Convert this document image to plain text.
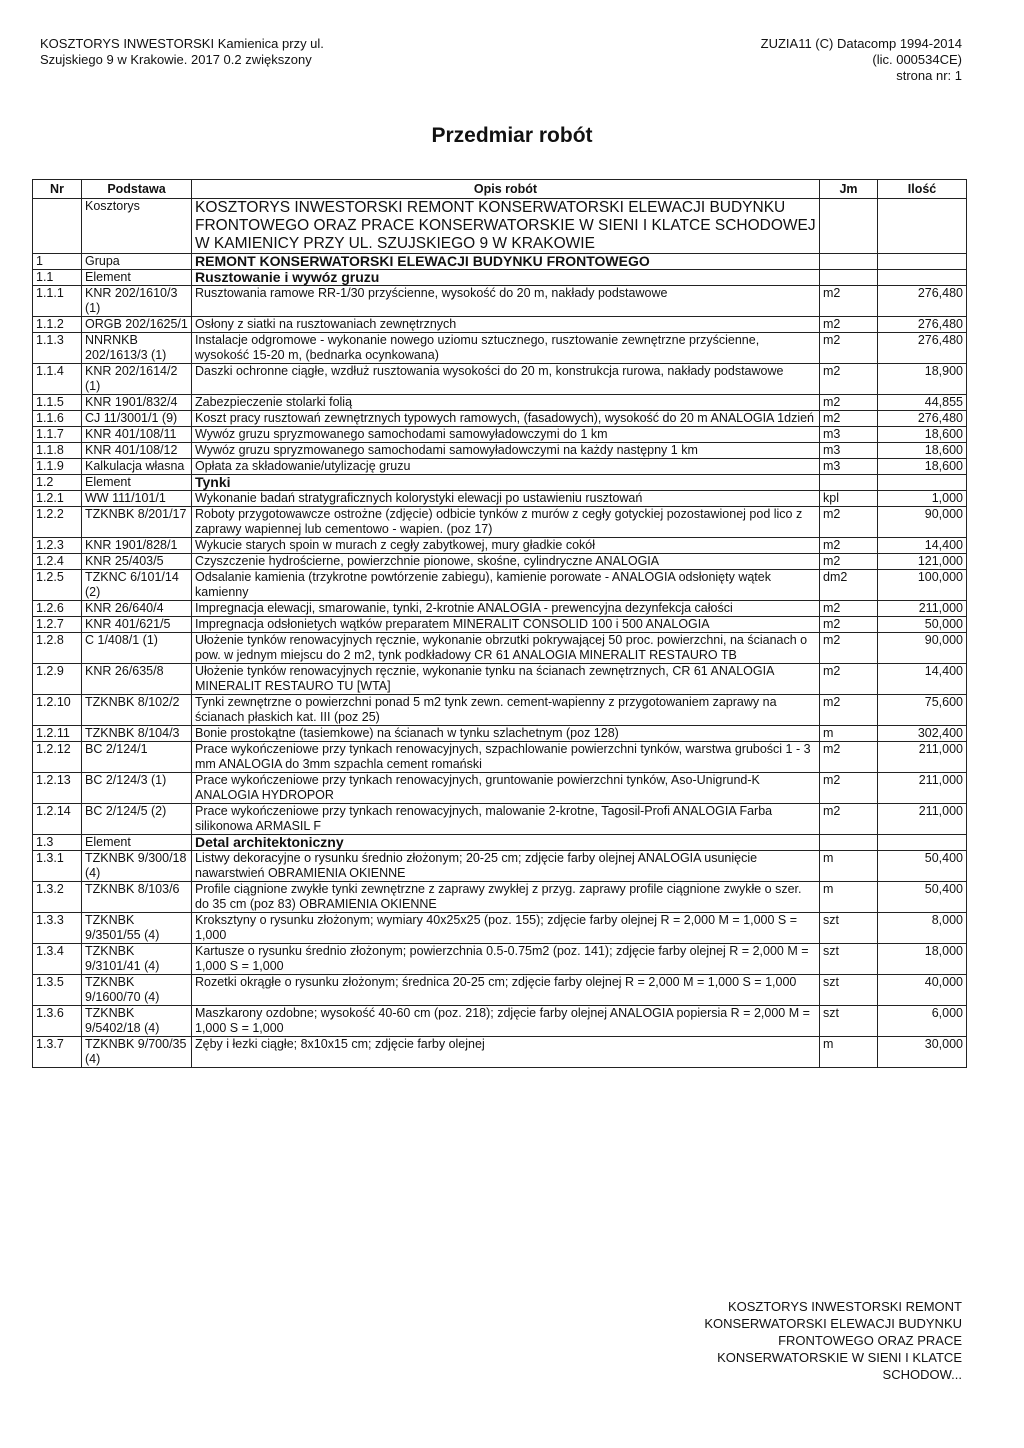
KOSZTORYS INWESTORSKI Kamienica przy ul.
Szujskiego 9 w Krakowie. 2017 0.2 zwiększony
ZUZIA11 (C) Datacomp 1994-2014
(lic. 000534CE)
strona nr: 1
Przedmiar robót
Nr	Podstawa	Opis robót	Jm	Ilość
	Kosztorys	KOSZTORYS INWESTORSKI REMONT KONSERWATORSKI ELEWACJI BUDYNKU FRONTOWEGO ORAZ PRACE KONSERWATORSKIE W SIENI I KLATCE SCHODOWEJ W KAMIENICY PRZY UL. SZUJSKIEGO 9 W KRAKOWIE		
1	Grupa	REMONT KONSERWATORSKI ELEWACJI BUDYNKU FRONTOWEGO		
1.1	Element	Rusztowanie i wywóz gruzu		
1.1.1	KNR 202/1610/3 (1)	Rusztowania ramowe RR-1/30 przyścienne, wysokość do 20 m, nakłady podstawowe	m2	276,480
1.1.2	ORGB 202/1625/1	Osłony z siatki na rusztowaniach zewnętrznych	m2	276,480
1.1.3	NNRNKB 202/1613/3 (1)	Instalacje odgromowe - wykonanie nowego uziomu sztucznego, rusztowanie zewnętrzne przyścienne, wysokość 15-20 m, (bednarka ocynkowana)	m2	276,480
1.1.4	KNR 202/1614/2 (1)	Daszki ochronne ciągłe, wzdłuż rusztowania wysokości do 20 m, konstrukcja rurowa, nakłady podstawowe	m2	18,900
1.1.5	KNR 1901/832/4	Zabezpieczenie stolarki folią	m2	44,855
1.1.6	CJ 11/3001/1 (9)	Koszt pracy rusztowań zewnętrznych typowych ramowych, (fasadowych), wysokość do 20 m ANALOGIA 1dzień	m2	276,480
1.1.7	KNR 401/108/11	Wywóz gruzu spryzmowanego samochodami samowyładowczymi do 1 km	m3	18,600
1.1.8	KNR 401/108/12	Wywóz gruzu spryzmowanego samochodami samowyładowczymi na każdy następny 1 km	m3	18,600
1.1.9	Kalkulacja własna	Opłata za składowanie/utylizację gruzu	m3	18,600
1.2	Element	Tynki		
1.2.1	WW 111/101/1	Wykonanie badań stratygraficznych kolorystyki elewacji po ustawieniu rusztowań	kpl	1,000
1.2.2	TZKNBK 8/201/17	Roboty przygotowawcze ostrożne (zdjęcie) odbicie tynków z murów z cegły gotyckiej pozostawionej pod lico z zaprawy wapiennej lub cementowo - wapien. (poz 17)	m2	90,000
1.2.3	KNR 1901/828/1	Wykucie starych spoin w murach z cegły zabytkowej, mury gładkie cokół	m2	14,400
1.2.4	KNR 25/403/5	Czyszczenie hydrościerne, powierzchnie pionowe, skośne, cylindryczne ANALOGIA	m2	121,000
1.2.5	TZKNC 6/101/14 (2)	Odsalanie kamienia (trzykrotne powtórzenie zabiegu), kamienie porowate - ANALOGIA odsłonięty wątek kamienny	dm2	100,000
1.2.6	KNR 26/640/4	Impregnacja elewacji, smarowanie, tynki, 2-krotnie ANALOGIA - prewencyjna dezynfekcja całości	m2	211,000
1.2.7	KNR 401/621/5	Impregnacja odsłonietych wątków preparatem MINERALIT CONSOLID 100 i 500 ANALOGIA	m2	50,000
1.2.8	C 1/408/1 (1)	Ułożenie tynków renowacyjnych ręcznie, wykonanie obrzutki pokrywającej 50 proc. powierzchni, na ścianach o pow. w jednym miejscu do 2 m2, tynk podkładowy CR 61 ANALOGIA MINERALIT RESTAURO TB	m2	90,000
1.2.9	KNR 26/635/8	Ułożenie tynków renowacyjnych ręcznie, wykonanie tynku na ścianach zewnętrznych, CR 61 ANALOGIA MINERALIT RESTAURO TU [WTA]	m2	14,400
1.2.10	TZKNBK 8/102/2	Tynki zewnętrzne o powierzchni ponad 5 m2 tynk zewn. cement-wapienny z przygotowaniem zaprawy na ścianach płaskich kat. III (poz 25)	m2	75,600
1.2.11	TZKNBK 8/104/3	Bonie prostokątne (tasiemkowe) na ścianach w tynku szlachetnym (poz 128)	m	302,400
1.2.12	BC 2/124/1	Prace wykończeniowe przy tynkach renowacyjnych, szpachlowanie powierzchni tynków, warstwa grubości 1 - 3 mm ANALOGIA do 3mm szpachla cement romański	m2	211,000
1.2.13	BC 2/124/3 (1)	Prace wykończeniowe przy tynkach renowacyjnych, gruntowanie powierzchni tynków, Aso-Unigrund-K ANALOGIA HYDROPOR	m2	211,000
1.2.14	BC 2/124/5 (2)	Prace wykończeniowe przy tynkach renowacyjnych, malowanie 2-krotne, Tagosil-Profi ANALOGIA Farba silikonowa ARMASIL F	m2	211,000
1.3	Element	Detal architektoniczny		
1.3.1	TZKNBK 9/300/18 (4)	Listwy dekoracyjne o rysunku średnio złożonym; 20-25 cm; zdjęcie farby olejnej ANALOGIA usunięcie nawarstwień OBRAMIENIA OKIENNE	m	50,400
1.3.2	TZKNBK 8/103/6	Profile ciągnione zwykłe tynki zewnętrzne z zaprawy zwykłej z przyg. zaprawy profile ciągnione zwykłe o szer. do 35 cm (poz 83) OBRAMIENIA OKIENNE	m	50,400
1.3.3	TZKNBK 9/3501/55 (4)	Kroksztyny o rysunku złożonym; wymiary 40x25x25 (poz. 155); zdjęcie farby olejnej R = 2,000 M = 1,000 S = 1,000	szt	8,000
1.3.4	TZKNBK 9/3101/41 (4)	Kartusze o rysunku średnio złożonym; powierzchnia 0.5-0.75m2 (poz. 141); zdjęcie farby olejnej R = 2,000 M = 1,000 S = 1,000	szt	18,000
1.3.5	TZKNBK 9/1600/70 (4)	Rozetki okrągłe o rysunku złożonym; średnica 20-25 cm; zdjęcie farby olejnej R = 2,000 M = 1,000 S = 1,000	szt	40,000
1.3.6	TZKNBK 9/5402/18 (4)	Maszkarony ozdobne; wysokość 40-60 cm (poz. 218); zdjęcie farby olejnej ANALOGIA popiersia R = 2,000 M = 1,000 S = 1,000	szt	6,000
1.3.7	TZKNBK 9/700/35 (4)	Zęby i łezki ciągłe; 8x10x15 cm; zdjęcie farby olejnej	m	30,000
KOSZTORYS INWESTORSKI REMONT KONSERWATORSKI ELEWACJI BUDYNKU FRONTOWEGO ORAZ PRACE KONSERWATORSKIE W SIENI I KLATCE SCHODOW...
